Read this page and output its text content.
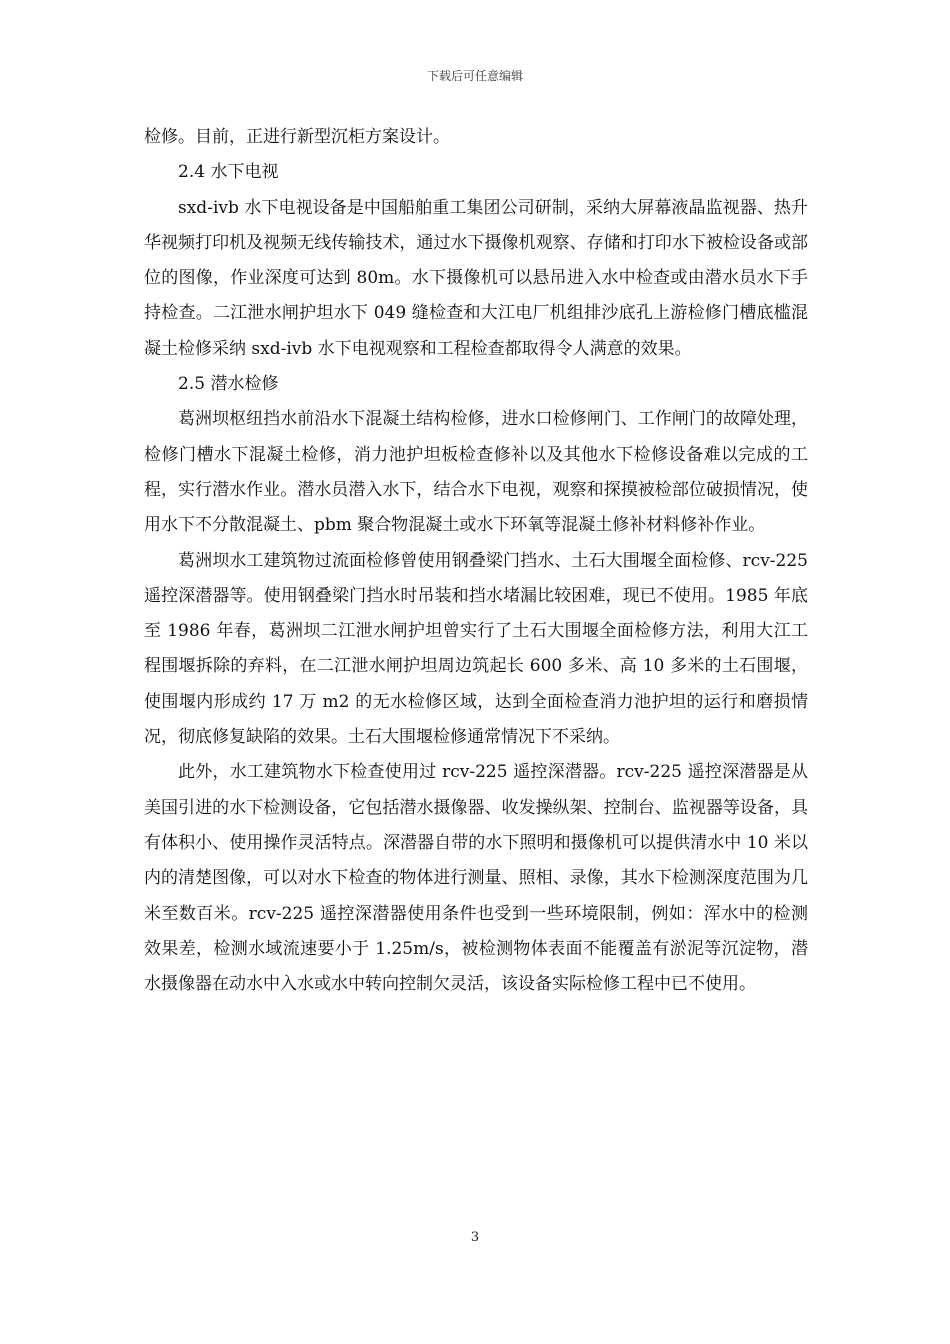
下载后可任意编辑

检修。目前，正进行新型沉柜方案设计。

2.4 水下电视

sxd-ivb 水下电视设备是中国船舶重工集团公司研制，采纳大屏幕液晶监视器、热升华视频打印机及视频无线传输技术，通过水下摄像机观察、存储和打印水下被检设备或部位的图像，作业深度可达到 80m。水下摄像机可以悬吊进入水中检查或由潜水员水下手持检查。二江泄水闸护坦水下 049 缝检查和大江电厂机组排沙底孔上游检修门槽底槛混凝土检修采纳 sxd-ivb 水下电视观察和工程检查都取得令人满意的效果。

2.5 潜水检修

葛洲坝枢纽挡水前沿水下混凝土结构检修，进水口检修闸门、工作闸门的故障处理，检修门槽水下混凝土检修，消力池护坦板检查修补以及其他水下检修设备难以完成的工程，实行潜水作业。潜水员潜入水下，结合水下电视，观察和探摸被检部位破损情况，使用水下不分散混凝土、pbm 聚合物混凝土或水下环氧等混凝土修补材料修补作业。

葛洲坝水工建筑物过流面检修曾使用钢叠梁门挡水、土石大围堰全面检修、rcv-225 遥控深潜器等。使用钢叠梁门挡水时吊装和挡水堵漏比较困难，现已不使用。1985 年底至 1986 年春，葛洲坝二江泄水闸护坦曾实行了土石大围堰全面检修方法，利用大江工程围堰拆除的弃料，在二江泄水闸护坦周边筑起长 600 多米、高 10 多米的土石围堰，使围堰内形成约 17 万 m2 的无水检修区域，达到全面检查消力池护坦的运行和磨损情况，彻底修复缺陷的效果。土石大围堰检修通常情况下不采纳。

此外，水工建筑物水下检查使用过 rcv-225 遥控深潜器。rcv-225 遥控深潜器是从美国引进的水下检测设备，它包括潜水摄像器、收发操纵架、控制台、监视器等设备，具有体积小、使用操作灵活特点。深潜器自带的水下照明和摄像机可以提供清水中 10 米以内的清楚图像，可以对水下检查的物体进行测量、照相、录像，其水下检测深度范围为几米至数百米。rcv-225 遥控深潜器使用条件也受到一些环境限制，例如：浑水中的检测效果差，检测水域流速要小于 1.25m/s，被检测物体表面不能覆盖有淤泥等沉淀物，潜水摄像器在动水中入水或水中转向控制欠灵活，该设备实际检修工程中已不使用。

3
